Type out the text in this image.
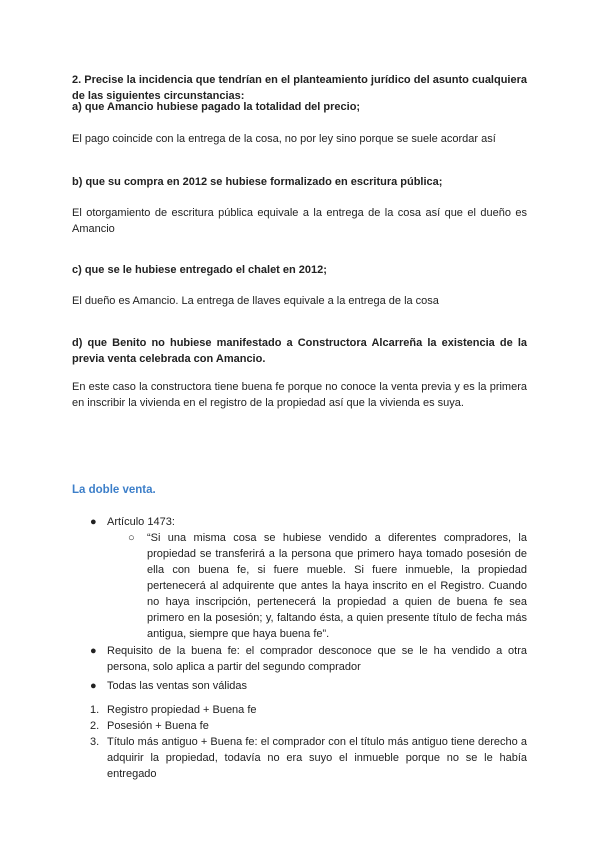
2. Precise la incidencia que tendrían en el planteamiento jurídico del asunto cualquiera de las siguientes circunstancias:
a) que Amancio hubiese pagado la totalidad del precio;
El pago coincide con la entrega de la cosa, no por ley sino porque se suele acordar así
b) que su compra en 2012 se hubiese formalizado en escritura pública;
El otorgamiento de escritura pública equivale a la entrega de la cosa así que el dueño es Amancio
c) que se le hubiese entregado el chalet en 2012;
El dueño es Amancio. La entrega de llaves equivale a la entrega de la cosa
d) que Benito no hubiese manifestado a Constructora Alcarreña la existencia de la previa venta celebrada con Amancio.
En este caso la constructora tiene buena fe porque no conoce la venta previa y es la primera en inscribir la vivienda en el registro de la propiedad así que la vivienda es suya.
La doble venta.
● Artículo 1473:
○ “Si una misma cosa se hubiese vendido a diferentes compradores, la propiedad se transferirá a la persona que primero haya tomado posesión de ella con buena fe, si fuere mueble. Si fuere inmueble, la propiedad pertenecerá al adquirente que antes la haya inscrito en el Registro. Cuando no haya inscripción, pertenecerá la propiedad a quien de buena fe sea primero en la posesión; y, faltando ésta, a quien presente título de fecha más antigua, siempre que haya buena fe”.
● Requisito de la buena fe: el comprador desconoce que se le ha vendido a otra persona, solo aplica a partir del segundo comprador
● Todas las ventas son válidas
1. Registro propiedad + Buena fe
2. Posesión + Buena fe
3. Título más antiguo + Buena fe: el comprador con el título más antiguo tiene derecho a adquirir la propiedad, todavía no era suyo el inmueble porque no se le había entregado
